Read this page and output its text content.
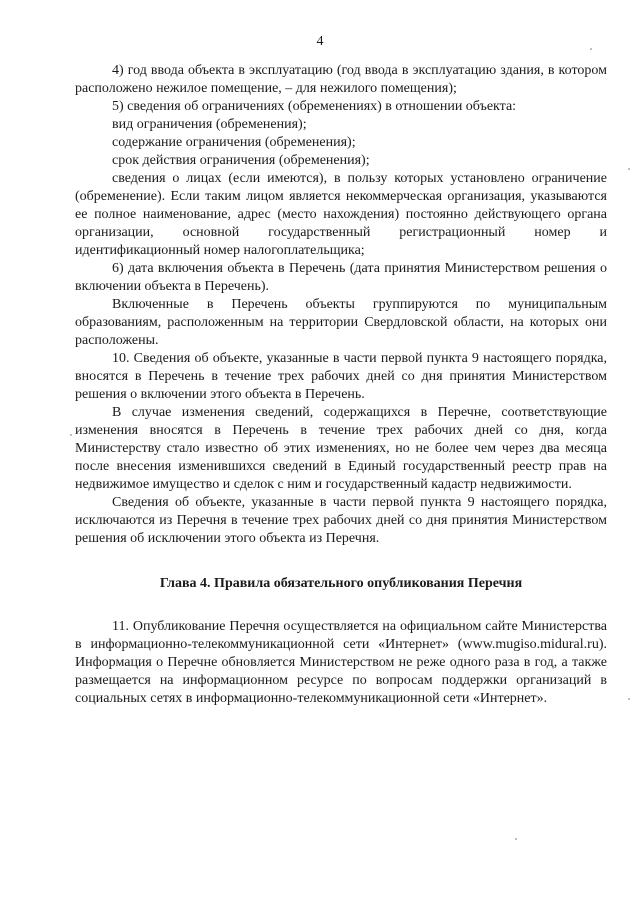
4

4) год ввода объекта в эксплуатацию (год ввода в эксплуатацию здания, в котором расположено нежилое помещение, – для нежилого помещения);

5) сведения об ограничениях (обременениях) в отношении объекта:

вид ограничения (обременения);

содержание ограничения (обременения);

срок действия ограничения (обременения);

сведения о лицах (если имеются), в пользу которых установлено ограничение (обременение). Если таким лицом является некоммерческая организация, указываются ее полное наименование, адрес (место нахождения) постоянно действующего органа организации, основной государственный регистрационный номер и идентификационный номер налогоплательщика;

6) дата включения объекта в Перечень (дата принятия Министерством решения о включении объекта в Перечень).

Включенные в Перечень объекты группируются по муниципальным образованиям, расположенным на территории Свердловской области, на которых они расположены.

10. Сведения об объекте, указанные в части первой пункта 9 настоящего порядка, вносятся в Перечень в течение трех рабочих дней со дня принятия Министерством решения о включении этого объекта в Перечень.

В случае изменения сведений, содержащихся в Перечне, соответствующие изменения вносятся в Перечень в течение трех рабочих дней со дня, когда Министерству стало известно об этих изменениях, но не более чем через два месяца после внесения изменившихся сведений в Единый государственный реестр прав на недвижимое имущество и сделок с ним и государственный кадастр недвижимости.

Сведения об объекте, указанные в части первой пункта 9 настоящего порядка, исключаются из Перечня в течение трех рабочих дней со дня принятия Министерством решения об исключении этого объекта из Перечня.

Глава 4. Правила обязательного опубликования Перечня

11. Опубликование Перечня осуществляется на официальном сайте Министерства в информационно-телекоммуникационной сети «Интернет» (www.mugiso.midural.ru). Информация о Перечне обновляется Министерством не реже одного раза в год, а также размещается на информационном ресурсе по вопросам поддержки организаций в социальных сетях в информационно-телекоммуникационной сети «Интернет».
